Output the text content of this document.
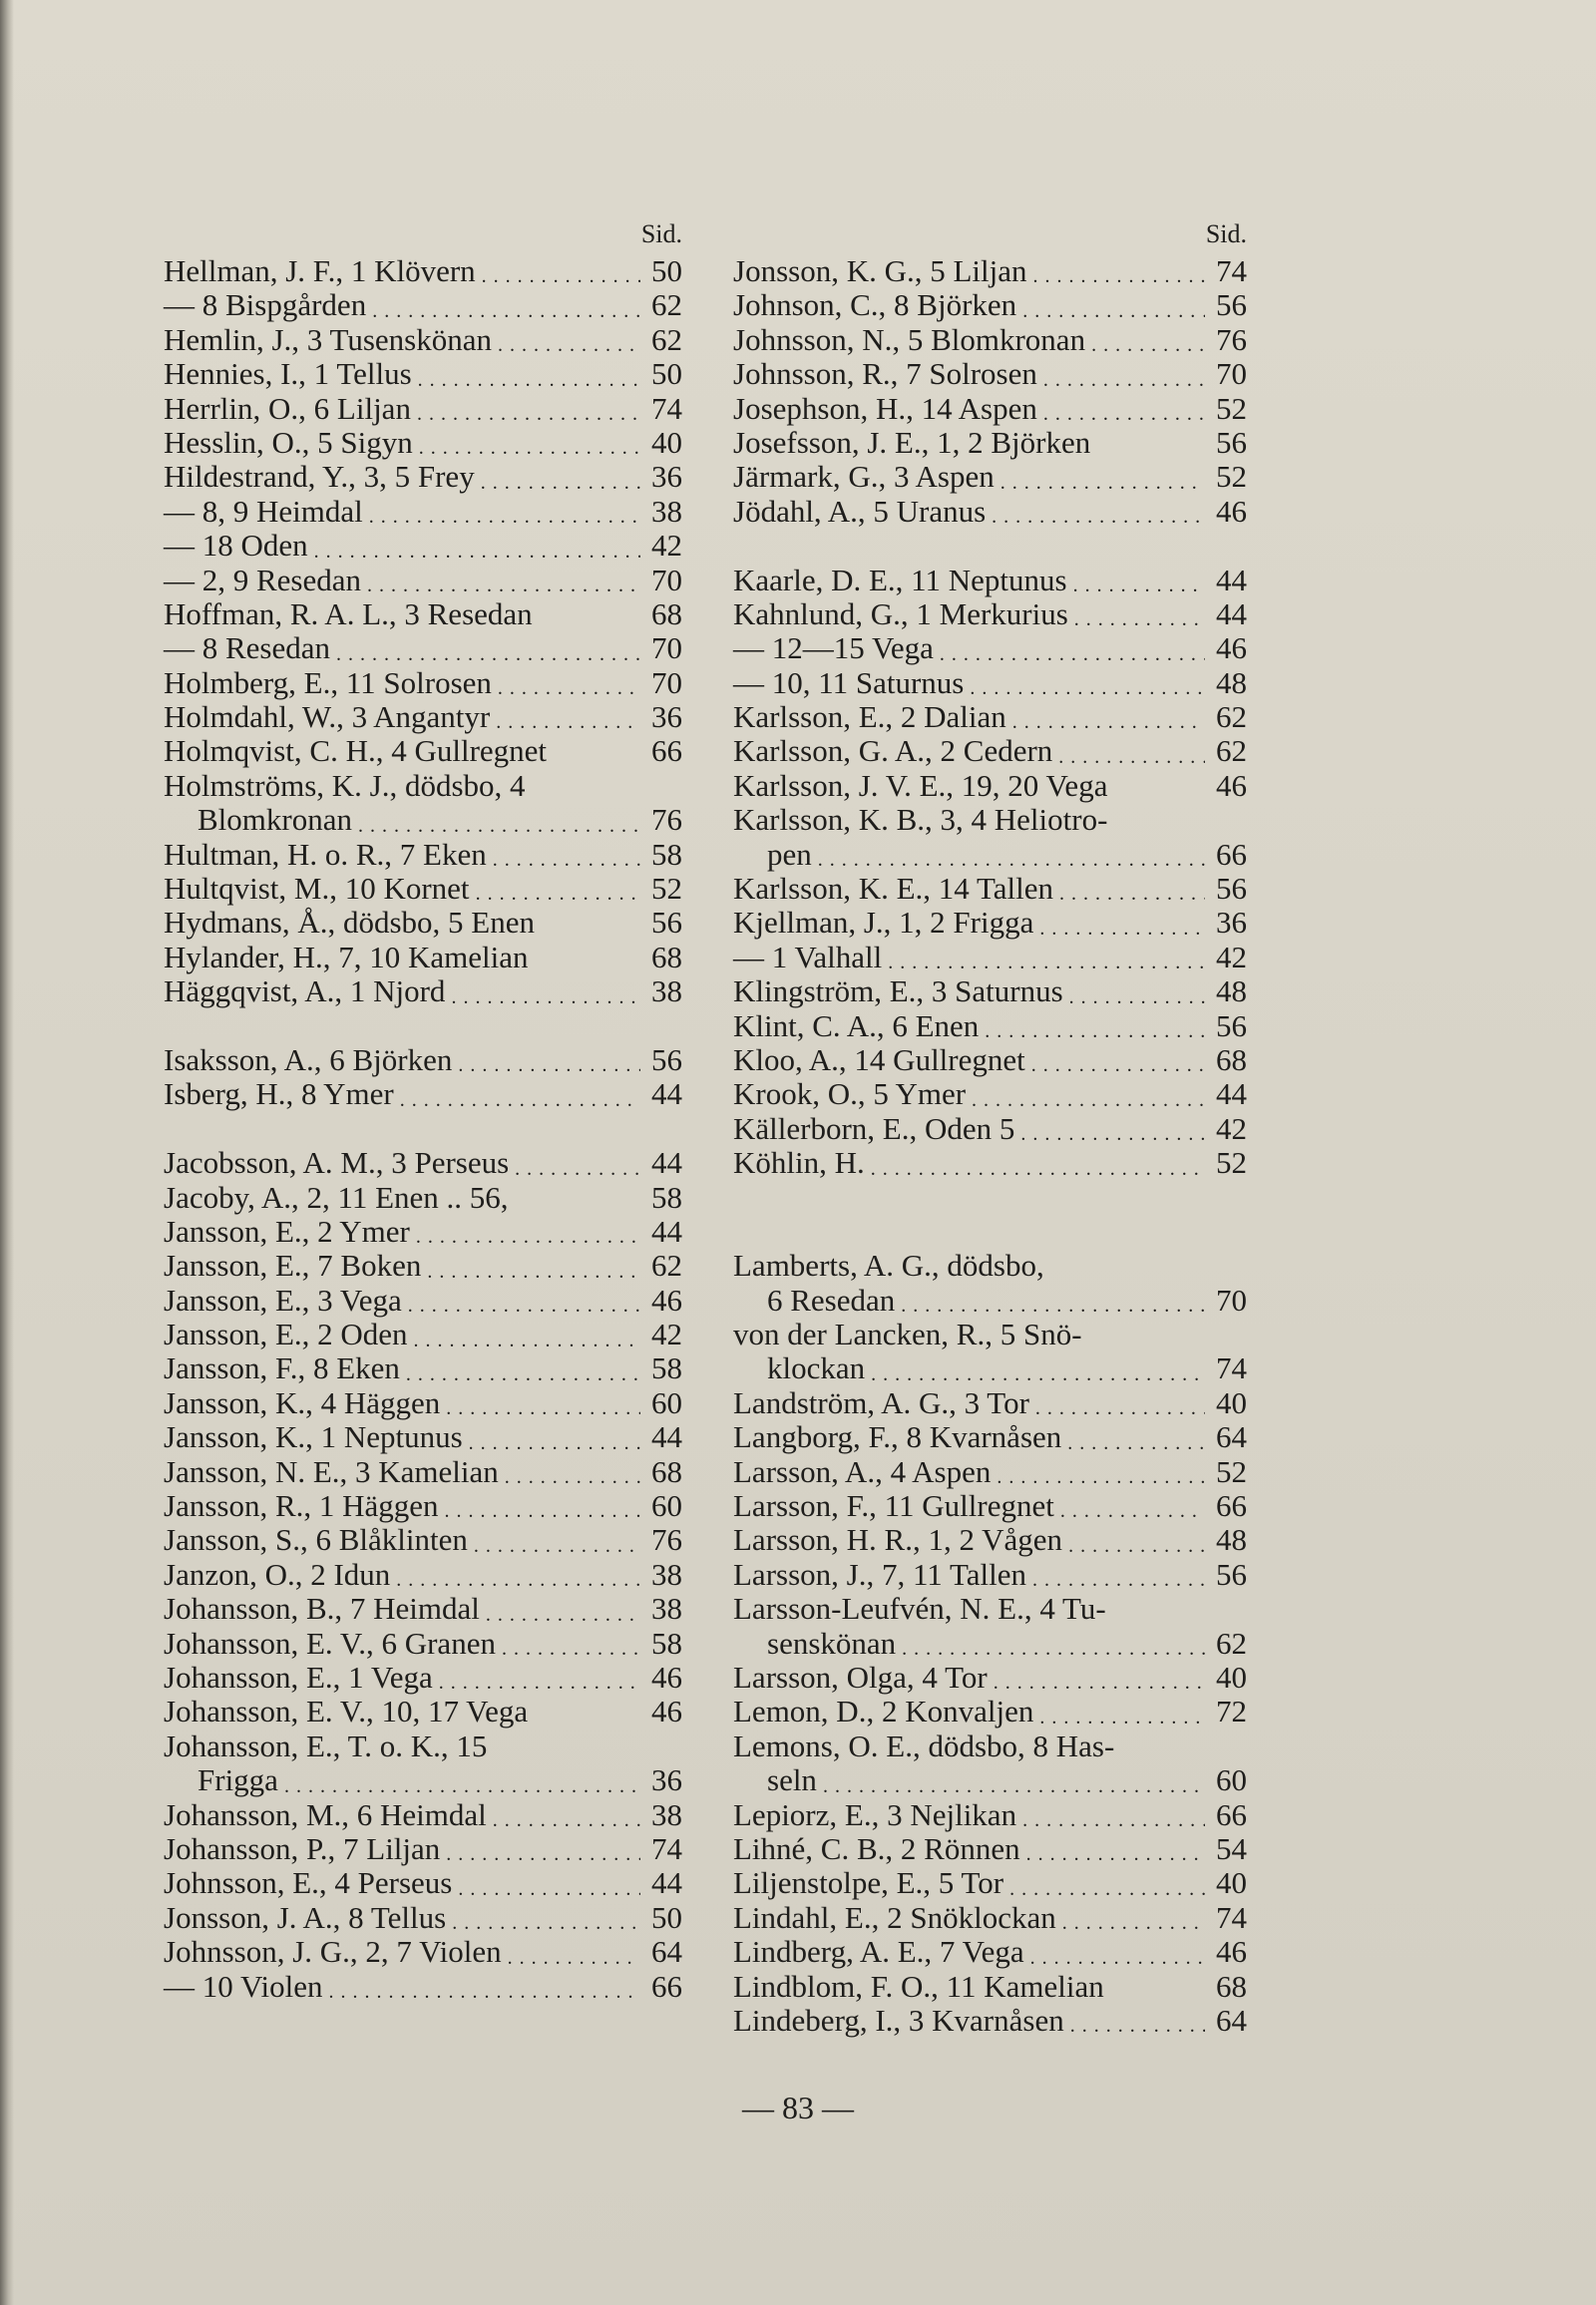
Sid.
Hellman, J. F., 1 Klövern . . .	50
— 8 Bispgården . . .	62
Hemlin, J., 3 Tusenskönan . . .	62
Hennies, I., 1 Tellus . . .	50
Herrlin, O., 6 Liljan . . .	74
Hesslin, O., 5 Sigyn . . .	40
Hildestrand, Y., 3, 5 Frey . . .	36
— 8, 9 Heimdal . . .	38
— 18 Oden . . .	42
— 2, 9 Resedan . . .	70
Hoffman, R. A. L., 3 Resedan	68
— 8 Resedan . . .	70
Holmberg, E., 11 Solrosen . . .	70
Holmdahl, W., 3 Angantyr . . .	36
Holmqvist, C. H., 4 Gullregnet	66
Holmströms, K. J., dödsbo, 4
Blomkronan . . .	76
Hultman, H. o. R., 7 Eken . . .	58
Hultqvist, M., 10 Kornet . . .	52
Hydmans, Å., dödsbo, 5 Enen	56
Hylander, H., 7, 10 Kamelian	68
Häggqvist, A., 1 Njord . . .	38
Isaksson, A., 6 Björken . . .	56
Isberg, H., 8 Ymer . . .	44
Jacobsson, A. M., 3 Perseus . . .	44
Jacoby, A., 2, 11 Enen .. 56,	58
Jansson, E., 2 Ymer . . .	44
Jansson, E., 7 Boken . . .	62
Jansson, E., 3 Vega . . .	46
Jansson, E., 2 Oden . . .	42
Jansson, F., 8 Eken . . .	58
Jansson, K., 4 Häggen . . .	60
Jansson, K., 1 Neptunus . . .	44
Jansson, N. E., 3 Kamelian . . .	68
Jansson, R., 1 Häggen . . .	60
Jansson, S., 6 Blåklinten . . .	76
Janzon, O., 2 Idun . . .	38
Johansson, B., 7 Heimdal . . .	38
Johansson, E. V., 6 Granen . . .	58
Johansson, E., 1 Vega . . .	46
Johansson, E. V., 10, 17 Vega	46
Johansson, E., T. o. K., 15
Frigga . . .	36
Johansson, M., 6 Heimdal . . .	38
Johansson, P., 7 Liljan . . .	74
Johnsson, E., 4 Perseus . . .	44
Jonsson, J. A., 8 Tellus . . .	50
Johnsson, J. G., 2, 7 Violen . . .	64
— 10 Violen . . .	66
Sid.
Jonsson, K. G., 5 Liljan . . .	74
Johnson, C., 8 Björken . . .	56
Johnsson, N., 5 Blomkronan . . .	76
Johnsson, R., 7 Solrosen . . .	70
Josephson, H., 14 Aspen . . .	52
Josefsson, J. E., 1, 2 Björken	56
Järmark, G., 3 Aspen . . .	52
Jödahl, A., 5 Uranus . . .	46
Kaarle, D. E., 11 Neptunus . . .	44
Kahnlund, G., 1 Merkurius . . .	44
— 12—15 Vega . . .	46
— 10, 11 Saturnus . . .	48
Karlsson, E., 2 Dalian . . .	62
Karlsson, G. A., 2 Cedern . . .	62
Karlsson, J. V. E., 19, 20 Vega	46
Karlsson, K. B., 3, 4 Heliotro-
pen . . .	66
Karlsson, K. E., 14 Tallen . . .	56
Kjellman, J., 1, 2 Frigga . . .	36
— 1 Valhall . . .	42
Klingström, E., 3 Saturnus . . .	48
Klint, C. A., 6 Enen . . .	56
Kloo, A., 14 Gullregnet . . .	68
Krook, O., 5 Ymer . . .	44
Källerborn, E., Oden 5 . . .	42
Köhlin, H. . . .	52
Lamberts, A. G., dödsbo,
6 Resedan . . .	70
von der Lancken, R., 5 Snö-
klockan . . .	74
Landström, A. G., 3 Tor . . .	40
Langborg, F., 8 Kvarnåsen . . .	64
Larsson, A., 4 Aspen . . .	52
Larsson, F., 11 Gullregnet . . .	66
Larsson, H. R., 1, 2 Vågen . . .	48
Larsson, J., 7, 11 Tallen . . .	56
Larsson-Leufvén, N. E., 4 Tu-
senskönan . . .	62
Larsson, Olga, 4 Tor . . .	40
Lemon, D., 2 Konvaljen . . .	72
Lemons, O. E., dödsbo, 8 Has-
seln . . .	60
Lepiorz, E., 3 Nejlikan . . .	66
Lihné, C. B., 2 Rönnen . . .	54
Liljenstolpe, E., 5 Tor . . .	40
Lindahl, E., 2 Snöklockan . . .	74
Lindberg, A. E., 7 Vega . . .	46
Lindblom, F. O., 11 Kamelian	68
Lindeberg, I., 3 Kvarnåsen . . .	64
— 83 —
